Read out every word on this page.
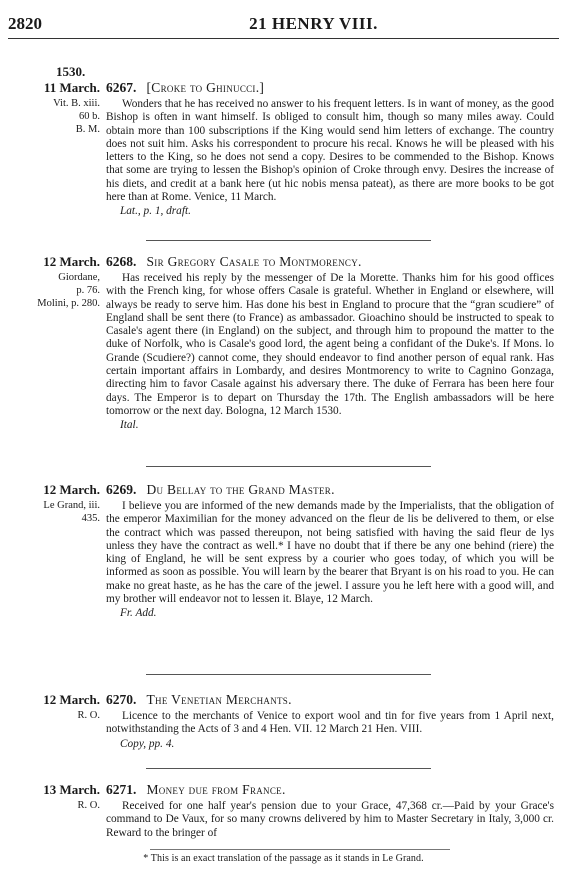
2820	21 HENRY VIII.
1530.
11 March.
Vit. B. xiii.
60 b.
B. M.
6267. [Croke to Ghinucci.]
Wonders that he has received no answer to his frequent letters. Is in want of money, as the good Bishop is often in want himself. Is obliged to consult him, though so many miles away. Could obtain more than 100 subscriptions if the King would send him letters of exchange. The country does not suit him. Asks his correspondent to procure his recal. Knows he will be pleased with his letters to the King, so he does not send a copy. Desires to be commended to the Bishop. Knows that some are trying to lessen the Bishop's opinion of Croke through envy. Desires the increase of his diets, and credit at a bank here (ut hic nobis mensa pateat), as there are more books to be got here than at Rome. Venice, 11 March.
Lat., p. 1, draft.
12 March.
Giordane,
p. 76.
Molini, p. 280.
6268. Sir Gregory Casale to Montmorency.
Has received his reply by the messenger of De la Morette. Thanks him for his good offices with the French king, for whose offers Casale is grateful. Whether in England or elsewhere, will always be ready to serve him. Has done his best in England to procure that the “gran scudiere” of England shall be sent there (to France) as ambassador. Gioachino should be instructed to speak to Casale's agent there (in England) on the subject, and through him to propound the matter to the duke of Norfolk, who is Casale's good lord, the agent being a confidant of the Duke's. If Mons. lo Grande (Scudiere?) cannot come, they should endeavor to find another person of equal rank. Has certain important affairs in Lombardy, and desires Montmorency to write to Cagnino Gonzaga, directing him to favor Casale against his adversary there. The duke of Ferrara has been here four days. The Emperor is to depart on Thursday the 17th. The English ambassadors will be here tomorrow or the next day. Bologna, 12 March 1530.
Ital.
12 March.
Le Grand, iii.
435.
6269. Du Bellay to the Grand Master.
I believe you are informed of the new demands made by the Imperialists, that the obligation of the emperor Maximilian for the money advanced on the fleur de lis be delivered to them, or else the contract which was passed thereupon, not being satisfied with having the said fleur de lys unless they have the contract as well.* I have no doubt that if there be any one behind (riere) the king of England, he will be sent express by a courier who goes today, of which you will be informed as soon as possible. You will learn by the bearer that Bryant is on his road to you. He can make no great haste, as he has the care of the jewel. I assure you he left here with a good will, and my brother will endeavor not to lessen it. Blaye, 12 March.
Fr. Add.
12 March.
R. O.
6270. The Venetian Merchants.
Licence to the merchants of Venice to export wool and tin for five years from 1 April next, notwithstanding the Acts of 3 and 4 Hen. VII. 12 March 21 Hen. VIII.
Copy, pp. 4.
13 March.
R. O.
6271. Money due from France.
Received for one half year's pension due to your Grace, 47,368 cr.—Paid by your Grace's command to De Vaux, for so many crowns delivered by him to Master Secretary in Italy, 3,000 cr. Reward to the bringer of
* This is an exact translation of the passage as it stands in Le Grand.
